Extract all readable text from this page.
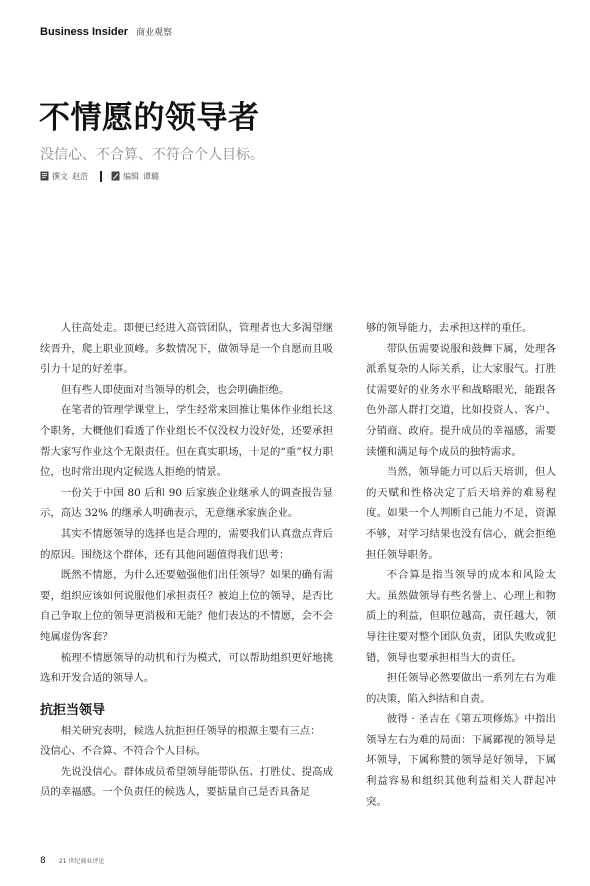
Business Insider 商业观察
不情愿的领导者
没信心、不合算、不符合个人目标。
撰文 赵浩	编辑 谭璐

人往高处走。即便已经进入高管团队，管理者也大多渴望继续晋升，爬上职业顶峰。多数情况下，做领导是一个自愿而且吸引力十足的好差事。

但有些人即使面对当领导的机会，也会明确拒绝。

在笔者的管理学课堂上，学生经常来回推让集体作业组长这个职务，大概他们看透了作业组长不仅没权力没好处，还要承担帮大家写作业这个无限责任。但在真实职场，十足的“重”权力职位，也时常出现内定候选人拒绝的情景。

一份关于中国 80 后和 90 后家族企业继承人的调查报告显示，高达 32% 的继承人明确表示，无意继承家族企业。

其实不情愿领导的选择也是合理的，需要我们认真盘点背后的原因。围绕这个群体，还有其他问题值得我们思考：

既然不情愿，为什么还要勉强他们出任领导？如果的确有需要，组织应该如何说服他们承担责任？被迫上位的领导，是否比自己争取上位的领导更消极和无能？他们表达的不情愿，会不会纯属虚伪客套？

梳理不情愿领导的动机和行为模式，可以帮助组织更好地挑选和开发合适的领导人。

抗拒当领导

相关研究表明，候选人抗拒担任领导的根源主要有三点：

没信心、不合算、不符合个人目标。

先说没信心。群体成员希望领导能带队伍、打胜仗、提高成员的幸福感。一个负责任的候选人，要掂量自己是否具备足

够的领导能力，去承担这样的重任。

带队伍需要说服和鼓舞下属，处理各派系复杂的人际关系，让大家服气。打胜仗需要好的业务水平和战略眼光，能跟各色外部人群打交道，比如投资人、客户、分销商、政府。提升成员的幸福感，需要读懂和满足每个成员的独特需求。

当然，领导能力可以后天培训，但人的天赋和性格决定了后天培养的难易程度。如果一个人判断自己能力不足，资源不够，对学习结果也没有信心，就会拒绝担任领导职务。

不合算是指当领导的成本和风险太大。虽然做领导有些名誉上、心理上和物质上的利益，但职位越高，责任越大，领导往往要对整个团队负责，团队失败或犯错，领导也要承担相当大的责任。

担任领导必然要做出一系列左右为难的决策，陷入纠结和自责。

彼得 · 圣吉在《第五项修炼》中指出领导左右为难的局面：下属鄙视的领导是坏领导，下属称赞的领导是好领导，下属利益容易和组织其他利益相关人群起冲突。

8 21 世纪商业评论
